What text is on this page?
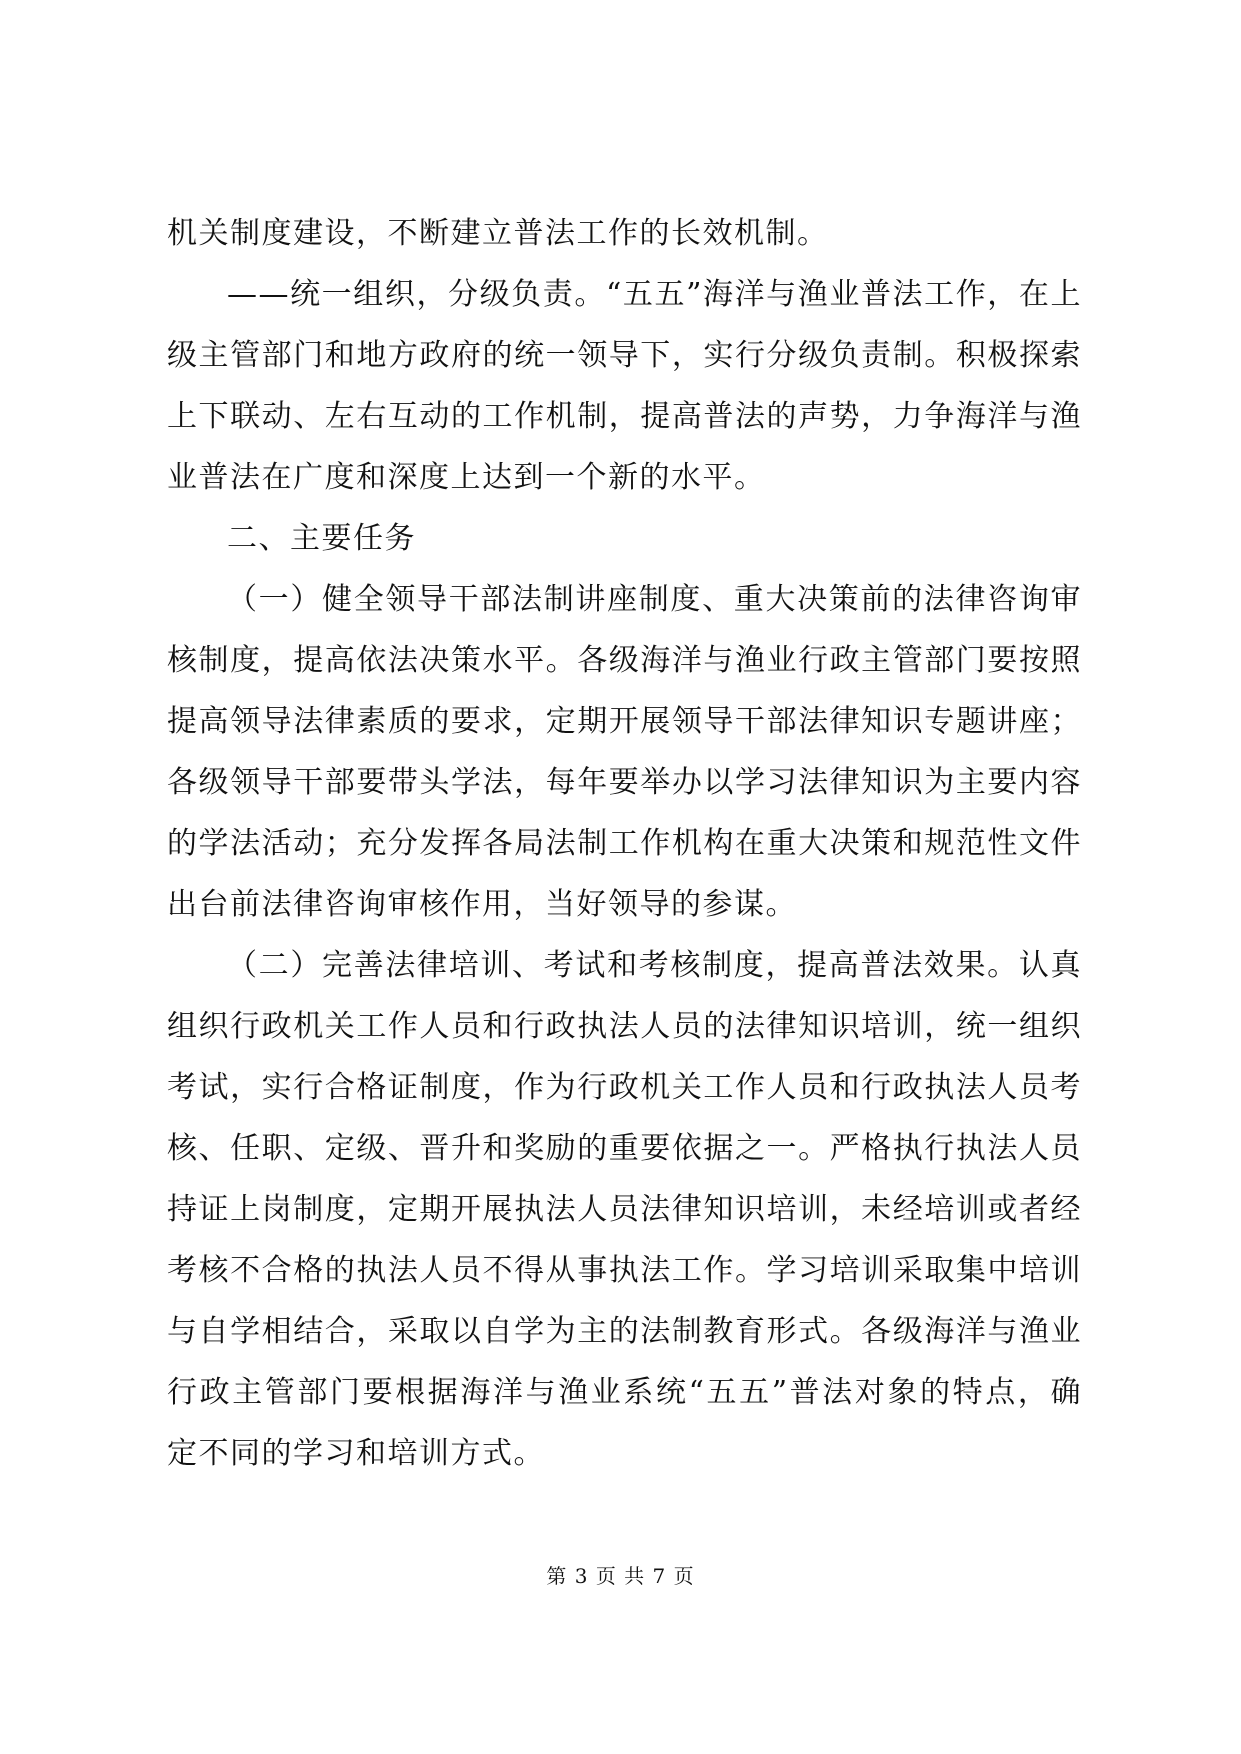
机关制度建设，不断建立普法工作的长效机制。

——统一组织，分级负责。“五五”海洋与渔业普法工作，在上级主管部门和地方政府的统一领导下，实行分级负责制。积极探索上下联动、左右互动的工作机制，提高普法的声势，力争海洋与渔业普法在广度和深度上达到一个新的水平。

二、主要任务

（一）健全领导干部法制讲座制度、重大决策前的法律咨询审核制度，提高依法决策水平。各级海洋与渔业行政主管部门要按照提高领导法律素质的要求，定期开展领导干部法律知识专题讲座；各级领导干部要带头学法，每年要举办以学习法律知识为主要内容的学法活动；充分发挥各局法制工作机构在重大决策和规范性文件出台前法律咨询审核作用，当好领导的参谋。

（二）完善法律培训、考试和考核制度，提高普法效果。认真组织行政机关工作人员和行政执法人员的法律知识培训，统一组织考试，实行合格证制度，作为行政机关工作人员和行政执法人员考核、任职、定级、晋升和奖励的重要依据之一。严格执行执法人员持证上岗制度，定期开展执法人员法律知识培训，未经培训或者经考核不合格的执法人员不得从事执法工作。学习培训采取集中培训与自学相结合，采取以自学为主的法制教育形式。各级海洋与渔业行政主管部门要根据海洋与渔业系统“五五”普法对象的特点，确定不同的学习和培训方式。

第 3 页 共 7 页
